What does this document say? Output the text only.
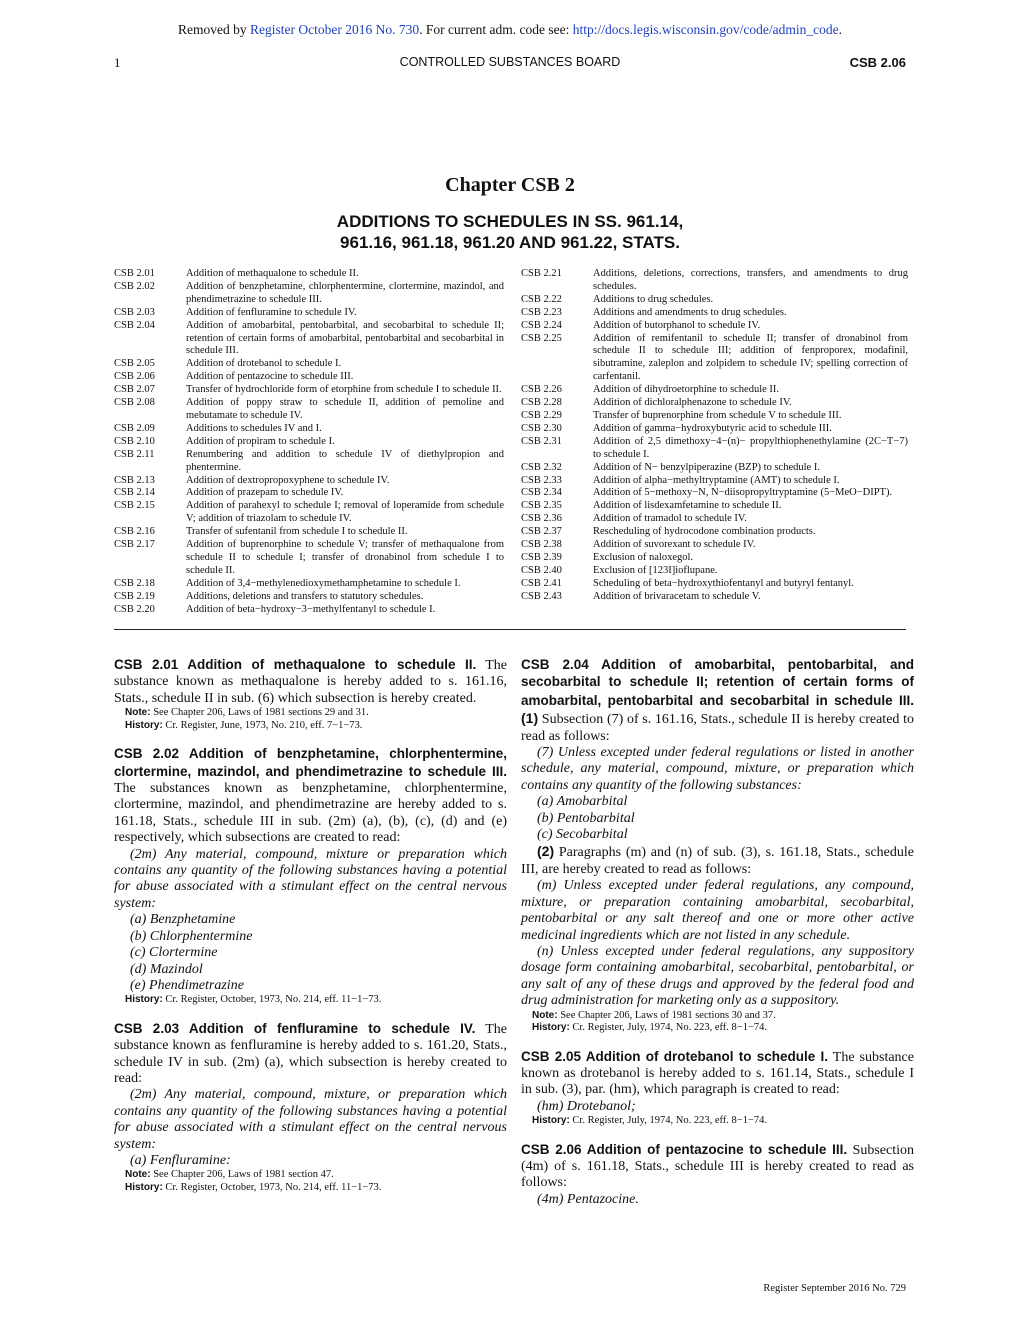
Removed by Register October 2016 No. 730. For current adm. code see: http://docs.legis.wisconsin.gov/code/admin_code.
1	CONTROLLED SUBSTANCES BOARD	CSB 2.06
Chapter CSB 2
ADDITIONS TO SCHEDULES IN SS. 961.14,
961.16, 961.18, 961.20 AND 961.22, STATS.
CSB 2.01	Addition of methaqualone to schedule II.
CSB 2.02	Addition of benzphetamine, chlorphentermine, clortermine, mazindol, and phendimetrazine to schedule III.
CSB 2.03	Addition of fenfluramine to schedule IV.
CSB 2.04	Addition of amobarbital, pentobarbital, and secobarbital to schedule II; retention of certain forms of amobarbital, pentobarbital and secobarbital in schedule III.
CSB 2.05	Addition of drotebanol to schedule I.
CSB 2.06	Addition of pentazocine to schedule III.
CSB 2.07	Transfer of hydrochloride form of etorphine from schedule I to schedule II.
CSB 2.08	Addition of poppy straw to schedule II, addition of pemoline and mebutamate to schedule IV.
CSB 2.09	Additions to schedules IV and I.
CSB 2.10	Addition of propiram to schedule I.
CSB 2.11	Renumbering and addition to schedule IV of diethylpropion and phentermine.
CSB 2.13	Addition of dextropropoxyphene to schedule IV.
CSB 2.14	Addition of prazepam to schedule IV.
CSB 2.15	Addition of parahexyl to schedule I; removal of loperamide from schedule V; addition of triazolam to schedule IV.
CSB 2.16	Transfer of sufentanil from schedule I to schedule II.
CSB 2.17	Addition of buprenorphine to schedule V; transfer of methaqualone from schedule II to schedule I; transfer of dronabinol from schedule I to schedule II.
CSB 2.18	Addition of 3,4−methylenedioxymethamphetamine to schedule I.
CSB 2.19	Additions, deletions and transfers to statutory schedules.
CSB 2.20	Addition of beta−hydroxy−3−methylfentanyl to schedule I.
CSB 2.21	Additions, deletions, corrections, transfers, and amendments to drug schedules.
CSB 2.22	Additions to drug schedules.
CSB 2.23	Additions and amendments to drug schedules.
CSB 2.24	Addition of butorphanol to schedule IV.
CSB 2.25	Addition of remifentanil to schedule II; transfer of dronabinol from schedule II to schedule III; addition of fenproporex, modafinil, sibutramine, zaleplon and zolpidem to schedule IV; spelling correction of carfentanil.
CSB 2.26	Addition of dihydroetorphine to schedule II.
CSB 2.28	Addition of dichloralphenazone to schedule IV.
CSB 2.29	Transfer of buprenorphine from schedule V to schedule III.
CSB 2.30	Addition of gamma−hydroxybutyric acid to schedule III.
CSB 2.31	Addition of 2,5 dimethoxy−4−(n)− propylthiophenethylamine (2C−T−7) to schedule I.
CSB 2.32	Addition of N− benzylpiperazine (BZP) to schedule I.
CSB 2.33	Addition of alpha−methyltryptamine (AMT) to schedule I.
CSB 2.34	Addition of 5−methoxy−N, N−diisopropyltryptamine (5−MeO−DIPT).
CSB 2.35	Addition of lisdexamfetamine to schedule II.
CSB 2.36	Addition of tramadol to schedule IV.
CSB 2.37	Rescheduling of hydrocodone combination products.
CSB 2.38	Addition of suvorexant to schedule IV.
CSB 2.39	Exclusion of naloxegol.
CSB 2.40	Exclusion of [123I]ioflupane.
CSB 2.41	Scheduling of beta−hydroxythiofentanyl and butyryl fentanyl.
CSB 2.43	Addition of brivaracetam to schedule V.

CSB 2.01 Addition of methaqualone to schedule II. The substance known as methaqualone is hereby added to s. 161.16, Stats., schedule II in sub. (6) which subsection is hereby created.

Note: See Chapter 206, Laws of 1981 sections 29 and 31.

History: Cr. Register, June, 1973, No. 210, eff. 7−1−73.

CSB 2.02 Addition of benzphetamine, chlorphentermine, clortermine, mazindol, and phendimetrazine to schedule III. The substances known as benzphetamine, chlorphentermine, clortermine, mazindol, and phendimetrazine are hereby added to s. 161.18, Stats., schedule III in sub. (2m) (a), (b), (c), (d) and (e) respectively, which subsections are created to read:

(2m) Any material, compound, mixture or preparation which contains any quantity of the following substances having a potential for abuse associated with a stimulant effect on the central nervous system:

(a) Benzphetamine

(b) Chlorphentermine

(c) Clortermine

(d) Mazindol

(e) Phendimetrazine

History: Cr. Register, October, 1973, No. 214, eff. 11−1−73.

CSB 2.03 Addition of fenfluramine to schedule IV. The substance known as fenfluramine is hereby added to s. 161.20, Stats., schedule IV in sub. (2m) (a), which subsection is hereby created to read:

(2m) Any material, compound, mixture, or preparation which contains any quantity of the following substances having a potential for abuse associated with a stimulant effect on the central nervous system:

(a) Fenfluramine:

Note: See Chapter 206, Laws of 1981 section 47.

History: Cr. Register, October, 1973, No. 214, eff. 11−1−73.

CSB 2.04 Addition of amobarbital, pentobarbital, and secobarbital to schedule II; retention of certain forms of amobarbital, pentobarbital and secobarbital in schedule III. (1) Subsection (7) of s. 161.16, Stats., schedule II is hereby created to read as follows:

(7) Unless excepted under federal regulations or listed in another schedule, any material, compound, mixture, or preparation which contains any quantity of the following substances:

(a) Amobarbital

(b) Pentobarbital

(c) Secobarbital

(2) Paragraphs (m) and (n) of sub. (3), s. 161.18, Stats., schedule III, are hereby created to read as follows:

(m) Unless excepted under federal regulations, any compound, mixture, or preparation containing amobarbital, secobarbital, pentobarbital or any salt thereof and one or more other active medicinal ingredients which are not listed in any schedule.

(n) Unless excepted under federal regulations, any suppository dosage form containing amobarbital, secobarbital, pentobarbital, or any salt of any of these drugs and approved by the federal food and drug administration for marketing only as a suppository.

Note: See Chapter 206, Laws of 1981 sections 30 and 37.

History: Cr. Register, July, 1974, No. 223, eff. 8−1−74.

CSB 2.05 Addition of drotebanol to schedule I. The substance known as drotebanol is hereby added to s. 161.14, Stats., schedule I in sub. (3), par. (hm), which paragraph is created to read:

(hm) Drotebanol;

History: Cr. Register, July, 1974, No. 223, eff. 8−1−74.

CSB 2.06 Addition of pentazocine to schedule III. Subsection (4m) of s. 161.18, Stats., schedule III is hereby created to read as follows:

(4m) Pentazocine.

Register September 2016 No. 729
